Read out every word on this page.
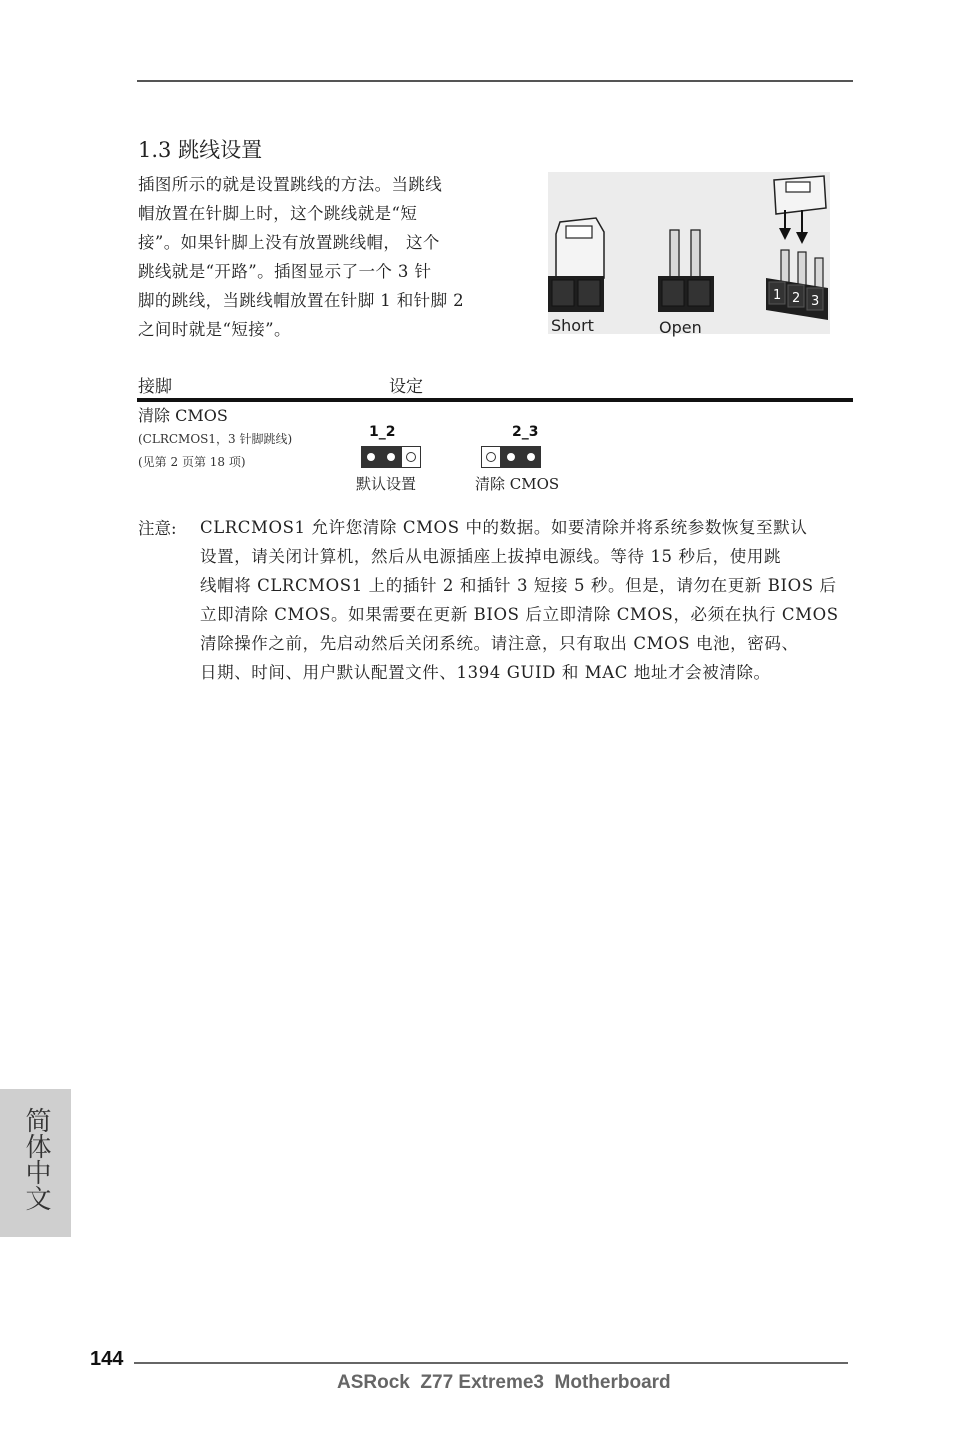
1.3 跳线设置
插图所示的就是设置跳线的方法。当跳线
帽放置在针脚上时，这个跳线就是“短
接”。如果针脚上没有放置跳线帽， 这个
跳线就是“开路”。插图显示了一个 3 针
脚的跳线，当跳线帽放置在针脚 1 和针脚 2
之间时就是“短接”。
1 2 3
Short	Open
接脚	设定
清除 CMOS
(CLRCMOS1，3 针脚跳线)
(见第 2 页第 18 项)
1_2
默认设置
2_3
清除 CMOS
注意: CLRCMOS1 允许您清除 CMOS 中的数据。如要清除并将系统参数恢复至默认
设置，请关闭计算机，然后从电源插座上拔掉电源线。等待 15 秒后，使用跳
线帽将 CLRCMOS1 上的插针 2 和插针 3 短接 5 秒。但是，请勿在更新 BIOS 后
立即清除 CMOS。如果需要在更新 BIOS 后立即清除 CMOS，必须在执行 CMOS
清除操作之前，先启动然后关闭系统。请注意，只有取出 CMOS 电池，密码、
日期、时间、用户默认配置文件、1394 GUID 和 MAC 地址才会被清除。
简体中文
144
ASRock  Z77 Extreme3  Motherboard
